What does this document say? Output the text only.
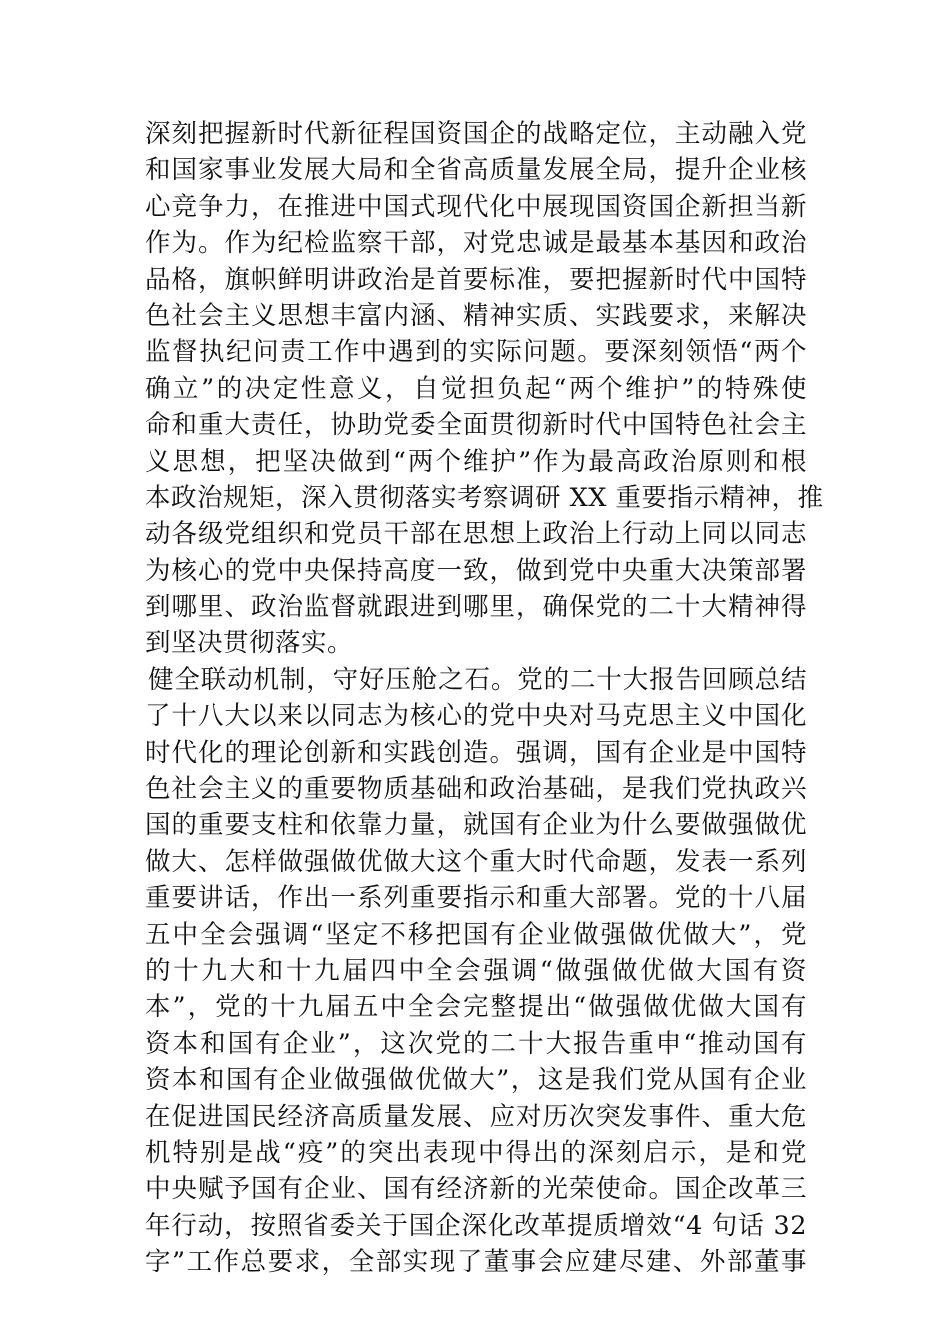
深刻把握新时代新征程国资国企的战略定位，主动融入党
和国家事业发展大局和全省高质量发展全局，提升企业核
心竞争力，在推进中国式现代化中展现国资国企新担当新
作为。作为纪检监察干部，对党忠诚是最基本基因和政治
品格，旗帜鲜明讲政治是首要标准，要把握新时代中国特
色社会主义思想丰富内涵、精神实质、实践要求，来解决
监督执纪问责工作中遇到的实际问题。要深刻领悟“两个
确立”的决定性意义，自觉担负起“两个维护”的特殊使
命和重大责任，协助党委全面贯彻新时代中国特色社会主
义思想，把坚决做到“两个维护”作为最高政治原则和根
本政治规矩，深入贯彻落实考察调研 XX 重要指示精神，推
动各级党组织和党员干部在思想上政治上行动上同以同志
为核心的党中央保持高度一致，做到党中央重大决策部署
到哪里、政治监督就跟进到哪里，确保党的二十大精神得
到坚决贯彻落实。
健全联动机制，守好压舱之石。党的二十大报告回顾总结
了十八大以来以同志为核心的党中央对马克思主义中国化
时代化的理论创新和实践创造。强调，国有企业是中国特
色社会主义的重要物质基础和政治基础，是我们党执政兴
国的重要支柱和依靠力量，就国有企业为什么要做强做优
做大、怎样做强做优做大这个重大时代命题，发表一系列
重要讲话，作出一系列重要指示和重大部署。党的十八届
五中全会强调“坚定不移把国有企业做强做优做大”，党
的十九大和十九届四中全会强调“做强做优做大国有资
本”，党的十九届五中全会完整提出“做强做优做大国有
资本和国有企业”，这次党的二十大报告重申“推动国有
资本和国有企业做强做优做大”，这是我们党从国有企业
在促进国民经济高质量发展、应对历次突发事件、重大危
机特别是战“疫”的突出表现中得出的深刻启示，是和党
中央赋予国有企业、国有经济新的光荣使命。国企改革三
年行动，按照省委关于国企深化改革提质增效“4 句话 32
字”工作总要求，全部实现了董事会应建尽建、外部董事
